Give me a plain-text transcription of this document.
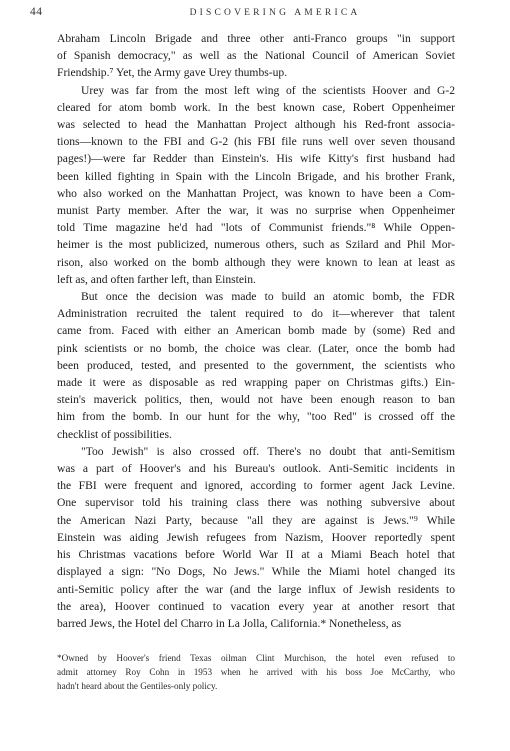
44	DISCOVERING AMERICA
Abraham Lincoln Brigade and three other anti-Franco groups "in support
of Spanish democracy," as well as the National Council of American Soviet
Friendship.⁷ Yet, the Army gave Urey thumbs-up.
Urey was far from the most left wing of the scientists Hoover and G-2
cleared for atom bomb work. In the best known case, Robert Oppenheimer
was selected to head the Manhattan Project although his Red-front associa-
tions—known to the FBI and G-2 (his FBI file runs well over seven thousand
pages!)—were far Redder than Einstein's. His wife Kitty's first husband had
been killed fighting in Spain with the Lincoln Brigade, and his brother Frank,
who also worked on the Manhattan Project, was known to have been a Com-
munist Party member. After the war, it was no surprise when Oppenheimer
told Time magazine he'd had "lots of Communist friends."⁸ While Oppen-
heimer is the most publicized, numerous others, such as Szilard and Phil Mor-
rison, also worked on the bomb although they were known to lean at least as
left as, and often farther left, than Einstein.
But once the decision was made to build an atomic bomb, the FDR
Administration recruited the talent required to do it—wherever that talent
came from. Faced with either an American bomb made by (some) Red and
pink scientists or no bomb, the choice was clear. (Later, once the bomb had
been produced, tested, and presented to the government, the scientists who
made it were as disposable as red wrapping paper on Christmas gifts.) Ein-
stein's maverick politics, then, would not have been enough reason to ban
him from the bomb. In our hunt for the why, "too Red" is crossed off the
checklist of possibilities.
"Too Jewish" is also crossed off. There's no doubt that anti-Semitism
was a part of Hoover's and his Bureau's outlook. Anti-Semitic incidents in
the FBI were frequent and ignored, according to former agent Jack Levine.
One supervisor told his training class there was nothing subversive about
the American Nazi Party, because "all they are against is Jews."⁹ While
Einstein was aiding Jewish refugees from Nazism, Hoover reportedly spent
his Christmas vacations before World War II at a Miami Beach hotel that
displayed a sign: "No Dogs, No Jews." While the Miami hotel changed its
anti-Semitic policy after the war (and the large influx of Jewish residents to
the area), Hoover continued to vacation every year at another resort that
barred Jews, the Hotel del Charro in La Jolla, California.* Nonetheless, as
*Owned by Hoover's friend Texas oilman Clint Murchison, the hotel even refused to
admit attorney Roy Cohn in 1953 when he arrived with his boss Joe McCarthy, who
hadn't heard about the Gentiles-only policy.
